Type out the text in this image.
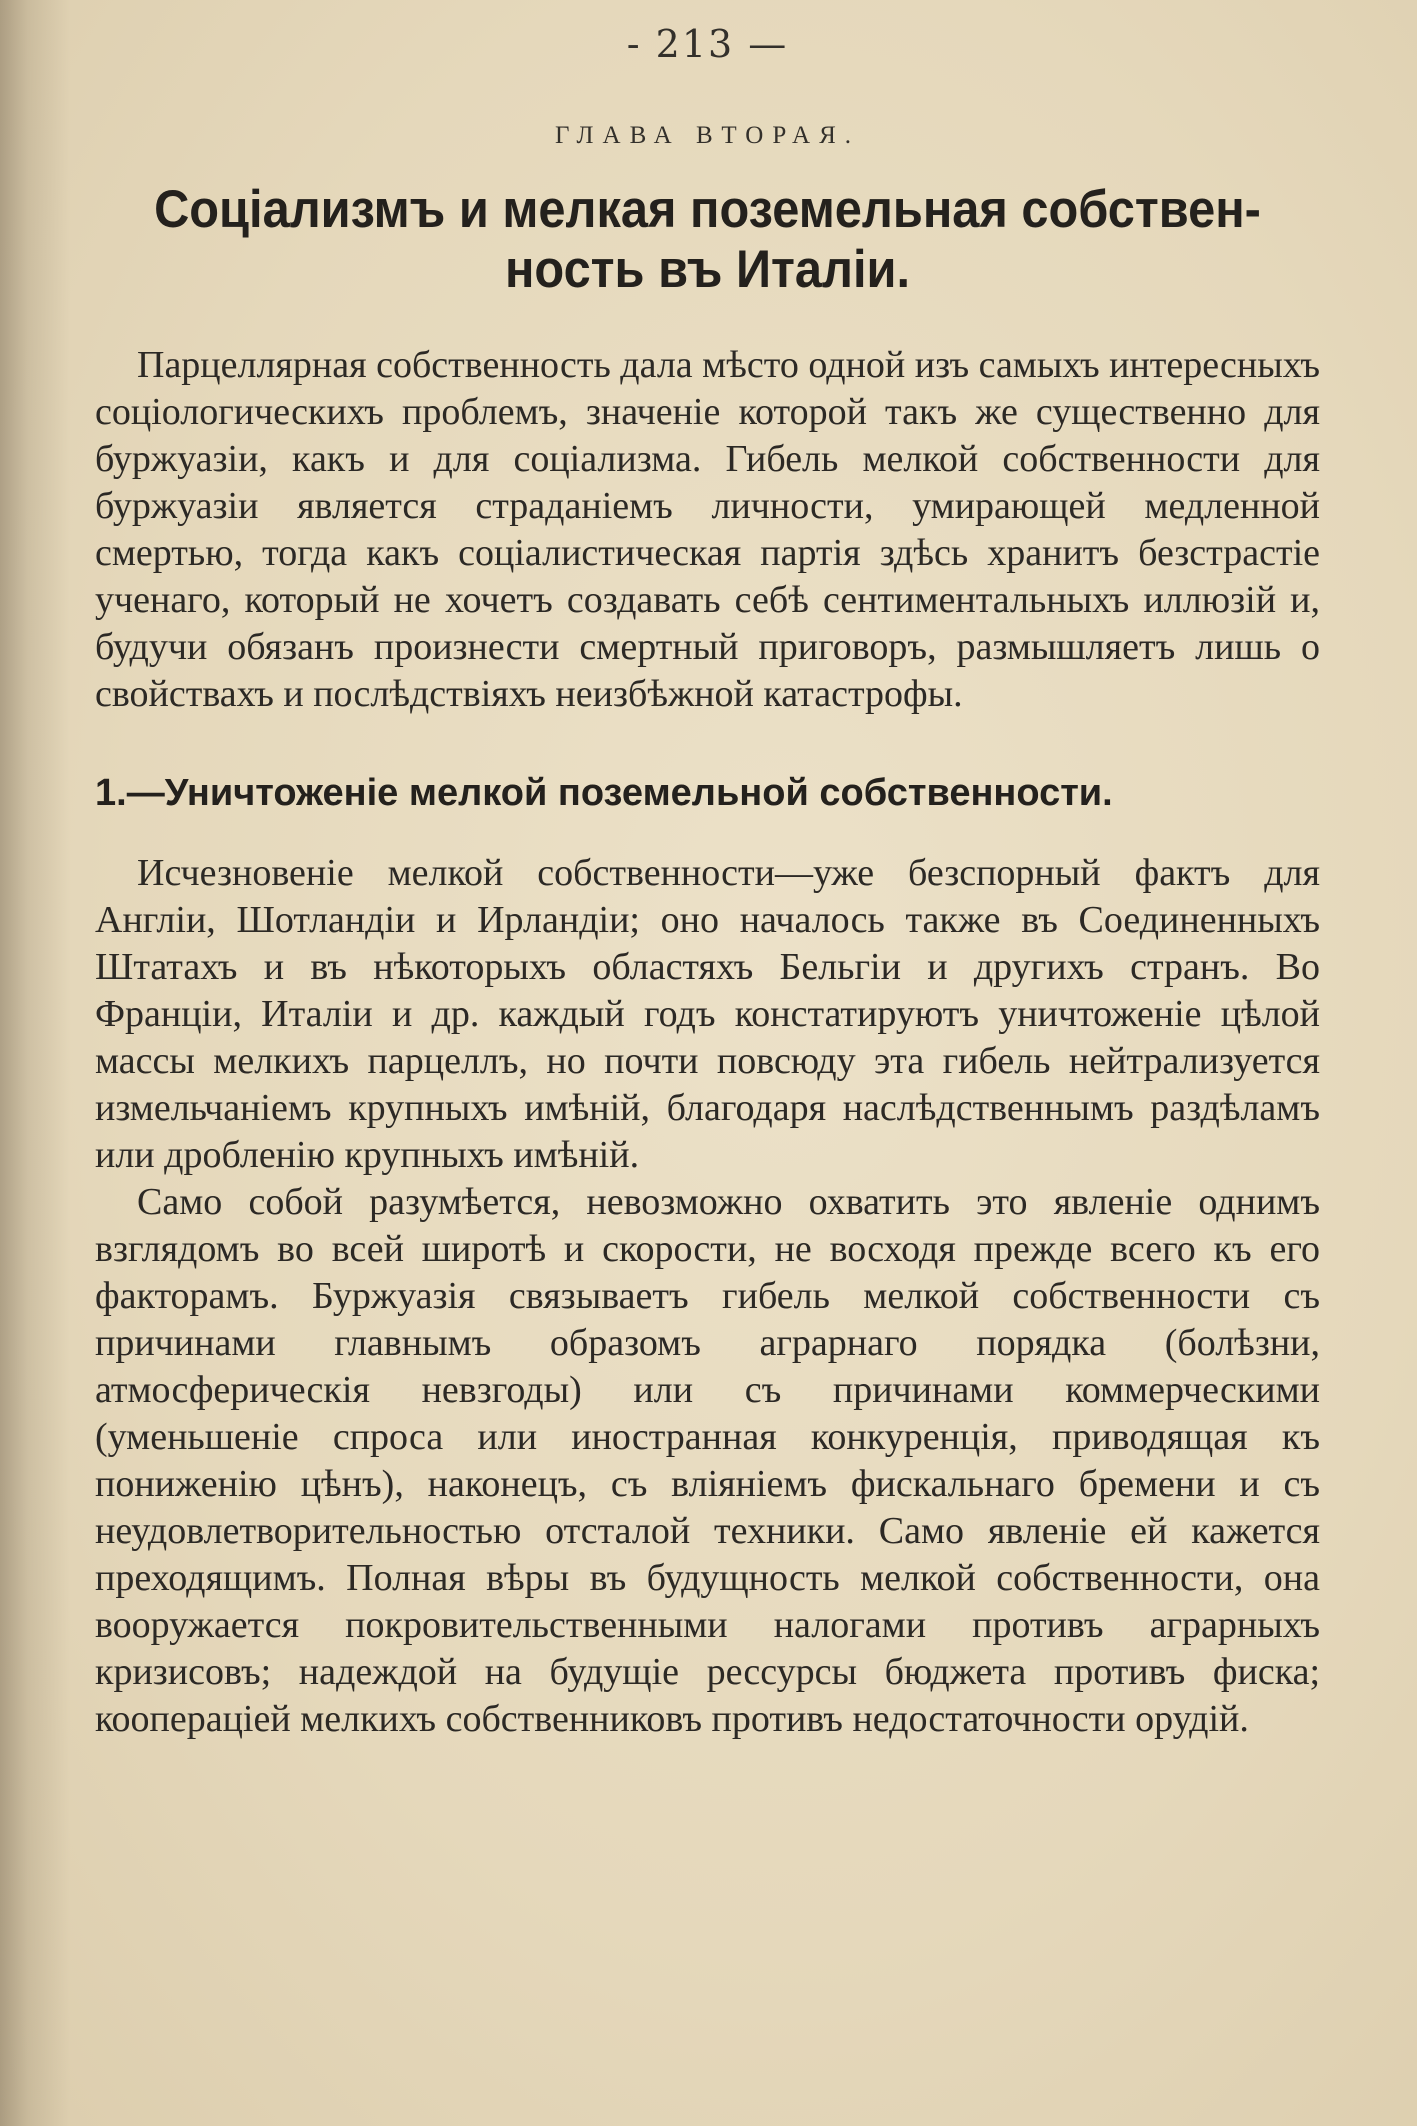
- 213 —
ГЛАВА ВТОРАЯ.
Соціализмъ и мелкая поземельная собствен-
ность въ Италіи.

Парцеллярная собственность дала мѣсто одной изъ самыхъ интересныхъ соціологическихъ проблемъ, значеніе которой такъ же существенно для буржуазіи, какъ и для соціализма. Гибель мелкой собственности для буржуазіи является страданіемъ личности, умирающей медленной смертью, тогда какъ соціалистическая партія здѣсь хранитъ безстрастіе ученаго, который не хочетъ создавать себѣ сентиментальныхъ иллюзій и, будучи обязанъ произнести смертный приговоръ, размышляетъ лишь о свойствахъ и послѣдствіяхъ неизбѣжной катастрофы.

1.—Уничтоженіе мелкой поземельной собственности.

Исчезновеніе мелкой собственности—уже безспорный фактъ для Англіи, Шотландіи и Ирландіи; оно началось также въ Соединенныхъ Штатахъ и въ нѣкоторыхъ областяхъ Бельгіи и другихъ странъ. Во Франціи, Италіи и др. каждый годъ констатируютъ уничтоженіе цѣлой массы мелкихъ парцеллъ, но почти повсюду эта гибель нейтрализуется измельчаніемъ крупныхъ имѣній, благодаря наслѣдственнымъ раздѣламъ или дробленію крупныхъ имѣній.

Само собой разумѣется, невозможно охватить это явленіе однимъ взглядомъ во всей широтѣ и скорости, не восходя прежде всего къ его факторамъ. Буржуазія связываетъ гибель мелкой собственности съ причинами главнымъ образомъ аграрнаго порядка (болѣзни, атмосферическія невзгоды) или съ причинами коммерческими (уменьшеніе спроса или иностранная конкуренція, приводящая къ пониженію цѣнъ), наконецъ, съ вліяніемъ фискальнаго бремени и съ неудовлетворительностью отсталой техники. Само явленіе ей кажется преходящимъ. Полная вѣры въ будущность мелкой собственности, она вооружается покровительственными налогами противъ аграрныхъ кризисовъ; надеждой на будущіе рессурсы бюджета противъ фиска; коопераціей мелкихъ собственниковъ противъ недостаточности орудій.
